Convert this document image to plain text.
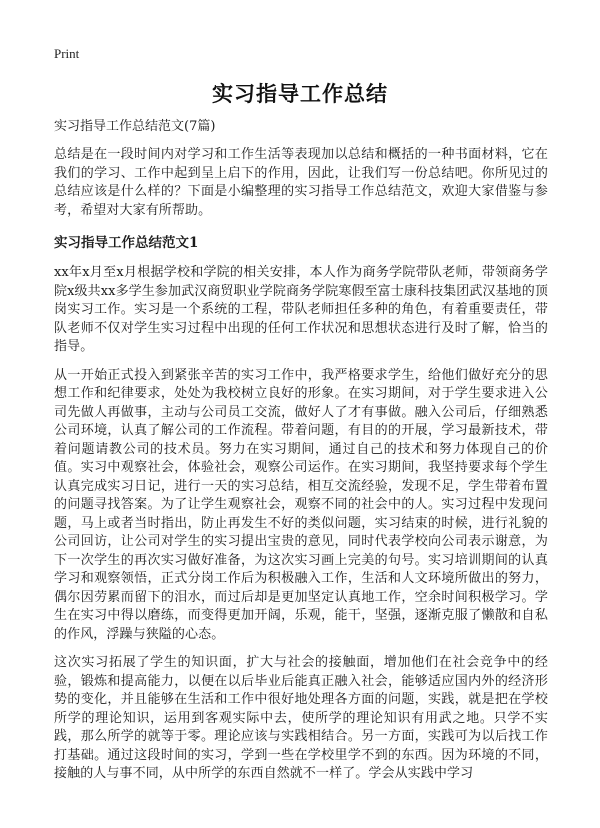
Print
实习指导工作总结
实习指导工作总结范文(7篇)

总结是在一段时间内对学习和工作生活等表现加以总结和概括的一种书面材料，它在我们的学习、工作中起到呈上启下的作用，因此，让我们写一份总结吧。你所见过的总结应该是什么样的？下面是小编整理的实习指导工作总结范文，欢迎大家借鉴与参考，希望对大家有所帮助。

实习指导工作总结范文1

xx年x月至x月根据学校和学院的相关安排，本人作为商务学院带队老师，带领商务学院x级共xx多学生参加武汉商贸职业学院商务学院寒假至富士康科技集团武汉基地的顶岗实习工作。实习是一个系统的工程，带队老师担任多种的角色，有着重要责任，带队老师不仅对学生实习过程中出现的任何工作状况和思想状态进行及时了解，恰当的指导。

从一开始正式投入到紧张辛苦的实习工作中，我严格要求学生，给他们做好充分的思想工作和纪律要求，处处为我校树立良好的形象。在实习期间，对于学生要求进入公司先做人再做事，主动与公司员工交流，做好人了才有事做。融入公司后，仔细熟悉公司环境，认真了解公司的工作流程。带着问题，有目的的开展，学习最新技术，带着问题请教公司的技术员。努力在实习期间，通过自己的技术和努力体现自己的价值。实习中观察社会，体验社会，观察公司运作。在实习期间，我坚持要求每个学生认真完成实习日记，进行一天的实习总结，相互交流经验，发现不足，学生带着布置的问题寻找答案。为了让学生观察社会，观察不同的社会中的人。实习过程中发现问题，马上或者当时指出，防止再发生不好的类似问题，实习结束的时候，进行礼貌的公司回访，让公司对学生的实习提出宝贵的意见，同时代表学校向公司表示谢意，为下一次学生的再次实习做好准备，为这次实习画上完美的句号。实习培训期间的认真学习和观察领悟，正式分岗工作后为积极融入工作，生活和人文环境所做出的努力，偶尔因劳累而留下的泪水，而过后却是更加坚定认真地工作，空余时间积极学习。学生在实习中得以磨练，而变得更加开阔，乐观，能干，坚强，逐渐克服了懒散和自私的作风，浮躁与狭隘的心态。

这次实习拓展了学生的知识面，扩大与社会的接触面，增加他们在社会竞争中的经验，锻炼和提高能力，以便在以后毕业后能真正融入社会，能够适应国内外的经济形势的变化，并且能够在生活和工作中很好地处理各方面的问题，实践，就是把在学校所学的理论知识，运用到客观实际中去，使所学的理论知识有用武之地。只学不实践，那么所学的就等于零。理论应该与实践相结合。另一方面，实践可为以后找工作打基础。通过这段时间的实习，学到一些在学校里学不到的东西。因为环境的不同，接触的人与事不同，从中所学的东西自然就不一样了。学会从实践中学习
